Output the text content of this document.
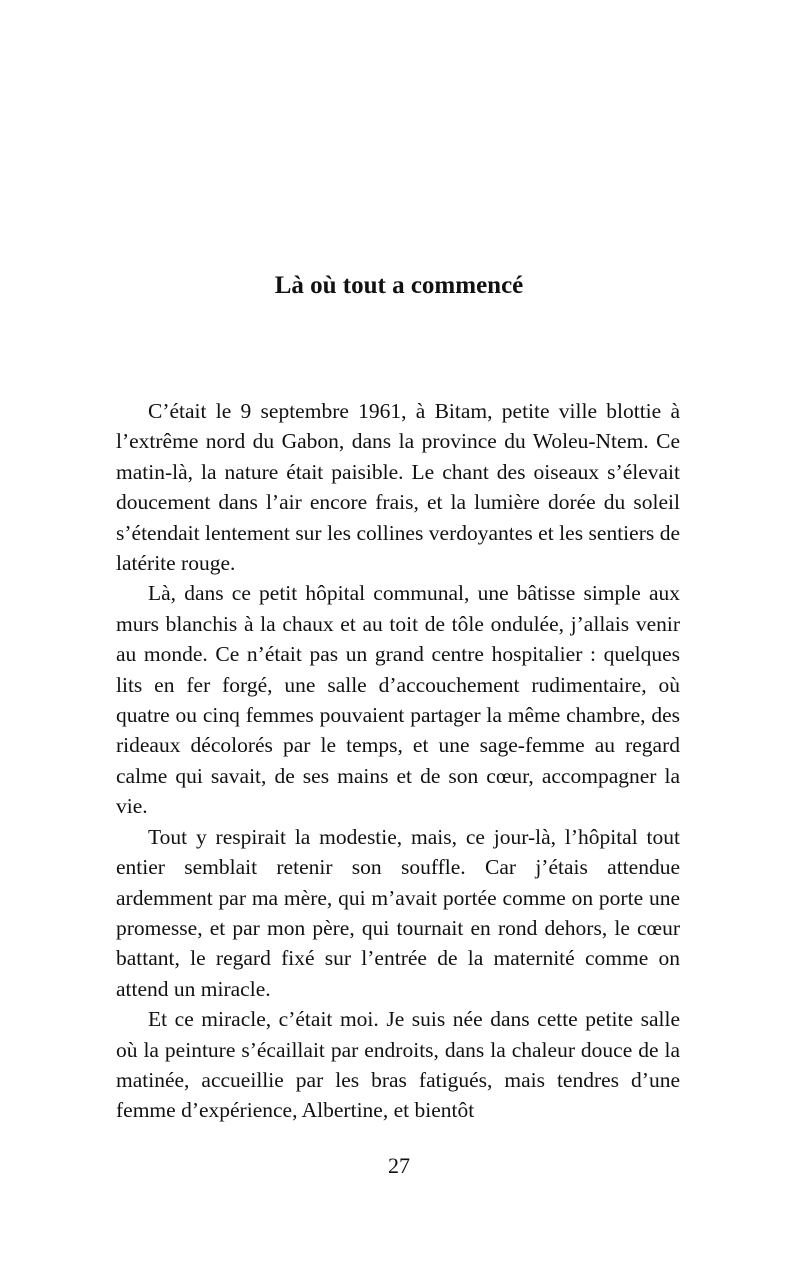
Là où tout a commencé

C’était le 9 septembre 1961, à Bitam, petite ville blottie à l’extrême nord du Gabon, dans la province du Woleu-Ntem. Ce matin-là, la nature était paisible. Le chant des oiseaux s’élevait doucement dans l’air encore frais, et la lumière dorée du soleil s’étendait lentement sur les collines verdoyantes et les sentiers de latérite rouge.

Là, dans ce petit hôpital communal, une bâtisse simple aux murs blanchis à la chaux et au toit de tôle ondulée, j’allais venir au monde. Ce n’était pas un grand centre hospitalier : quelques lits en fer forgé, une salle d’accouchement rudimentaire, où quatre ou cinq femmes pouvaient partager la même chambre, des rideaux décolorés par le temps, et une sage-femme au regard calme qui savait, de ses mains et de son cœur, accompagner la vie.

Tout y respirait la modestie, mais, ce jour-là, l’hôpital tout entier semblait retenir son souffle. Car j’étais attendue ardemment par ma mère, qui m’avait portée comme on porte une promesse, et par mon père, qui tournait en rond dehors, le cœur battant, le regard fixé sur l’entrée de la maternité comme on attend un miracle.

Et ce miracle, c’était moi. Je suis née dans cette petite salle où la peinture s’écaillait par endroits, dans la chaleur douce de la matinée, accueillie par les bras fatigués, mais tendres d’une femme d’expérience, Albertine, et bientôt

27
